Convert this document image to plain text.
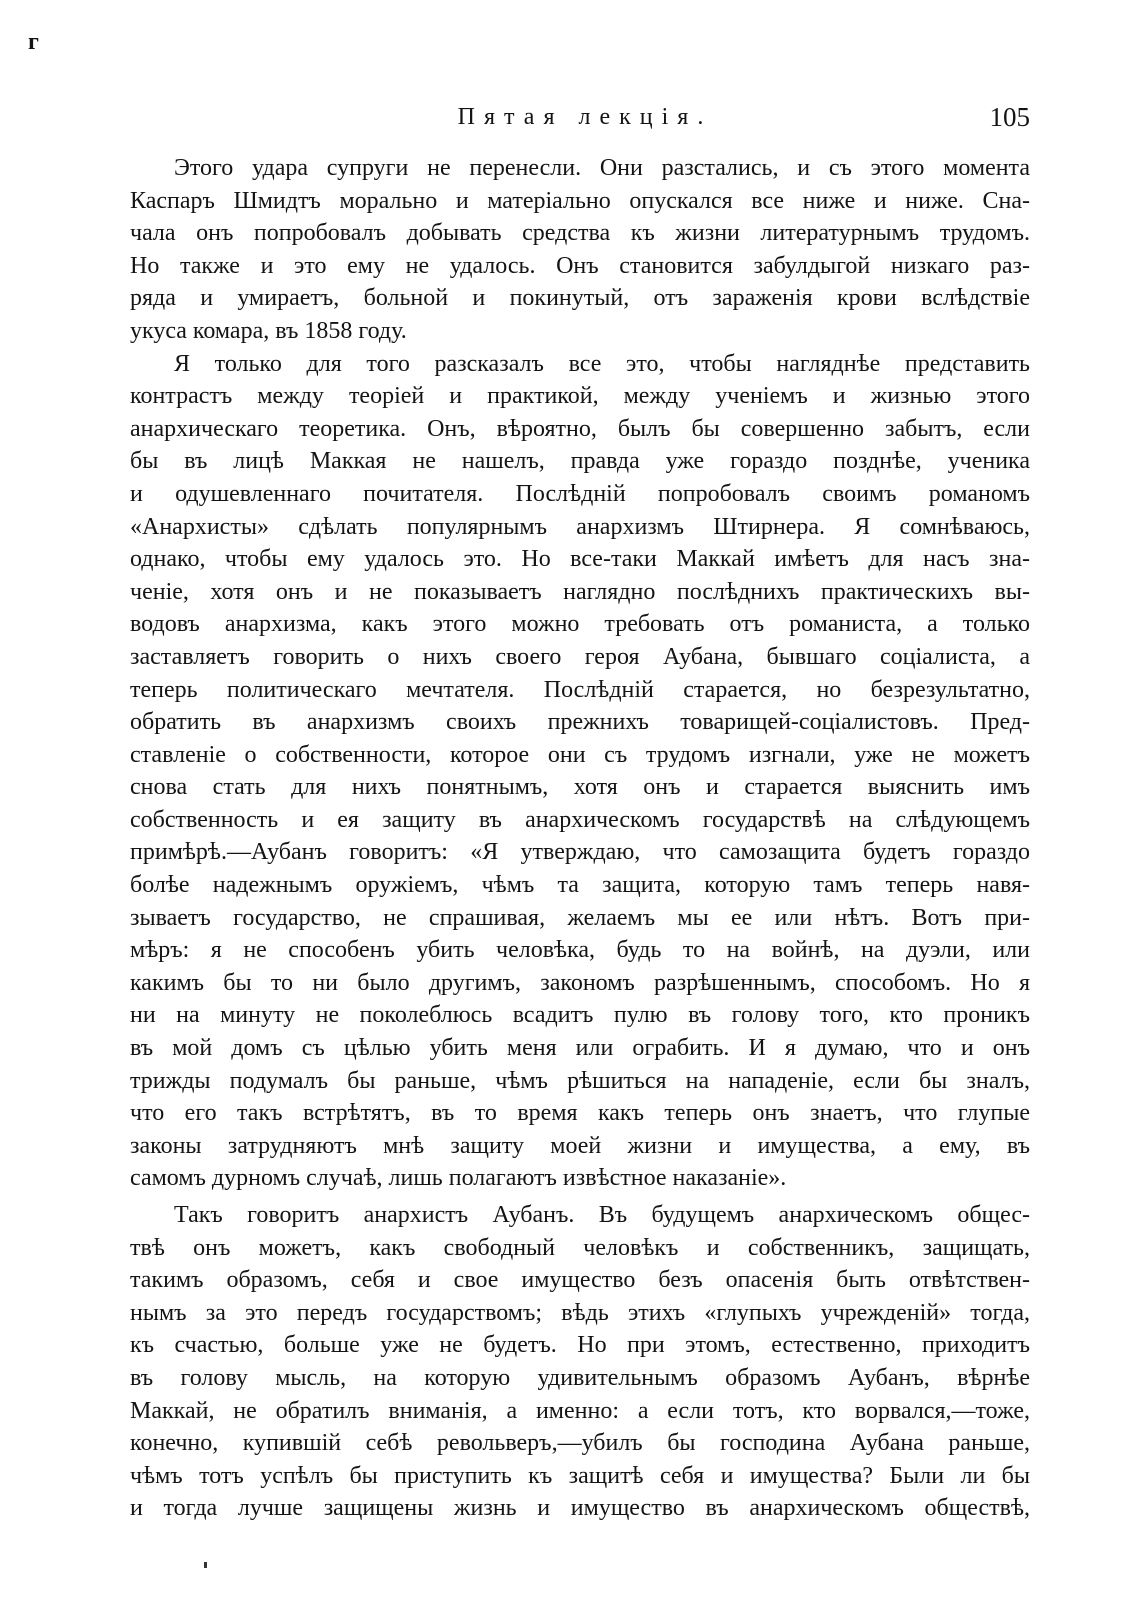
г
Пятая лекція.	105
Этого удара супруги не перенесли. Они разстались, и съ этого момента
Каспаръ Шмидтъ морально и матеріально опускался все ниже и ниже. Сна-
чала онъ попробовалъ добывать средства къ жизни литературнымъ трудомъ.
Но также и это ему не удалось. Онъ становится забулдыгой низкаго раз-
ряда и умираетъ, больной и покинутый, отъ зараженія крови вслѣдствіе
укуса комара, въ 1858 году.
Я только для того разсказалъ все это, чтобы нагляднѣе представить
контрастъ между теоріей и практикой, между ученіемъ и жизнью этого
анархическаго теоретика. Онъ, вѣроятно, былъ бы совершенно забытъ, если
бы въ лицѣ Маккая не нашелъ, правда уже гораздо позднѣе, ученика
и одушевленнаго почитателя. Послѣдній попробовалъ своимъ романомъ
«Анархисты» сдѣлать популярнымъ анархизмъ Штирнера. Я сомнѣваюсь,
однако, чтобы ему удалось это. Но все-таки Маккай имѣетъ для насъ зна-
ченіе, хотя онъ и не показываетъ наглядно послѣднихъ практическихъ вы-
водовъ анархизма, какъ этого можно требовать отъ романиста, а только
заставляетъ говорить о нихъ своего героя Аубана, бывшаго соціалиста, а
теперь политическаго мечтателя. Послѣдній старается, но безрезультатно,
обратить въ анархизмъ своихъ прежнихъ товарищей-соціалистовъ. Пред-
ставленіе о собственности, которое они съ трудомъ изгнали, уже не можетъ
снова стать для нихъ понятнымъ, хотя онъ и старается выяснить имъ
собственность и ея защиту въ анархическомъ государствѣ на слѣдующемъ
примѣрѣ.—Аубанъ говоритъ: «Я утверждаю, что самозащита будетъ гораздо
болѣе надежнымъ оружіемъ, чѣмъ та защита, которую тамъ теперь навя-
зываетъ государство, не спрашивая, желаемъ мы ее или нѣтъ. Вотъ при-
мѣръ: я не способенъ убить человѣка, будь то на войнѣ, на дуэли, или
какимъ бы то ни было другимъ, закономъ разрѣшеннымъ, способомъ. Но я
ни на минуту не поколеблюсь всадитъ пулю въ голову того, кто проникъ
въ мой домъ съ цѣлью убить меня или ограбить. И я думаю, что и онъ
трижды подумалъ бы раньше, чѣмъ рѣшиться на нападеніе, если бы зналъ,
что его такъ встрѣтятъ, въ то время какъ теперь онъ знаетъ, что глупые
законы затрудняютъ мнѣ защиту моей жизни и имущества, а ему, въ
самомъ дурномъ случаѣ, лишь полагаютъ извѣстное наказаніе».
Такъ говоритъ анархистъ Аубанъ. Въ будущемъ анархическомъ общес-
твѣ онъ можетъ, какъ свободный человѣкъ и собственникъ, защищать,
такимъ образомъ, себя и свое имущество безъ опасенія быть отвѣтствен-
нымъ за это передъ государствомъ; вѣдь этихъ «глупыхъ учрежденій» тогда,
къ счастью, больше уже не будетъ. Но при этомъ, естественно, приходитъ
въ голову мысль, на которую удивительнымъ образомъ Аубанъ, вѣрнѣе
Маккай, не обратилъ вниманія, а именно: а если тотъ, кто ворвался,—тоже,
конечно, купившій себѣ револьверъ,—убилъ бы господина Аубана раньше,
чѣмъ тотъ успѣлъ бы приступить къ защитѣ себя и имущества? Были ли бы
и тогда лучше защищены жизнь и имущество въ анархическомъ обществѣ,
